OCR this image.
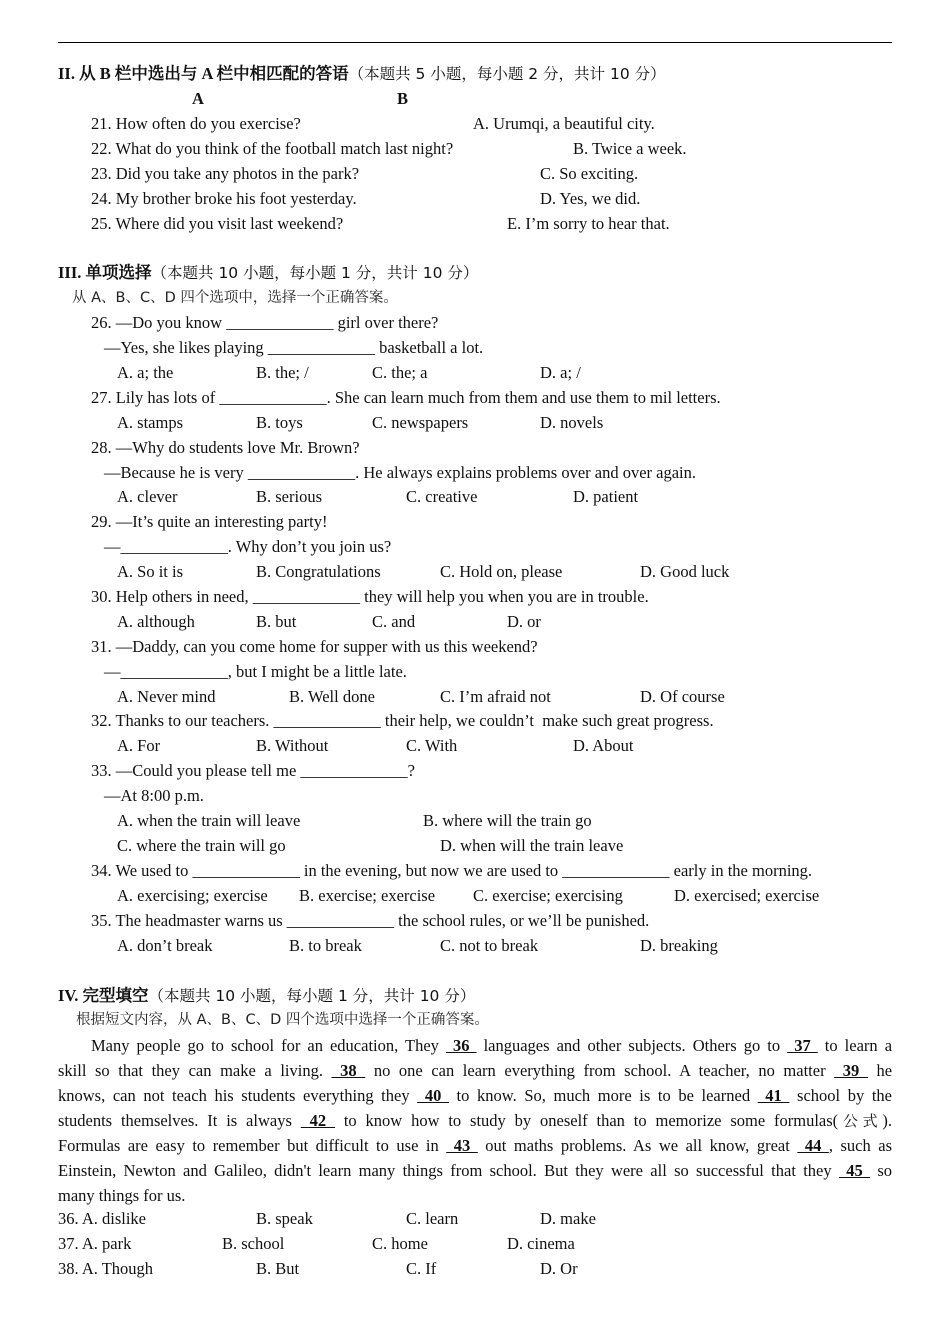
II. 从 B 栏中选出与 A 栏中相匹配的答语（本题共 5 小题，每小题 2 分，共计 10 分）
A	B
21. How often do you exercise?	A. Urumqi, a beautiful city.
22. What do you think of the football match last night?	B. Twice a week.
23. Did you take any photos in the park?	C. So exciting.
24. My brother broke his foot yesterday.	D. Yes, we did.
25. Where did you visit last weekend?	E. I’m sorry to hear that.
III. 单项选择（本题共 10 小题，每小题 1 分，共计 10 分）
从 A、B、C、D 四个选项中，选择一个正确答案。
26. —Do you know _____________ girl over there?
—Yes, she likes playing _____________ basketball a lot.
A. a; the	B. the; /	C. the; a	D. a; /
27. Lily has lots of _____________. She can learn much from them and use them to mil letters.
A. stamps	B. toys	C. newspapers	D. novels
28. —Why do students love Mr. Brown?
—Because he is very _____________. He always explains problems over and over again.
A. clever	B. serious	C. creative	D. patient
29. —It’s quite an interesting party!
—_____________. Why don’t you join us?
A. So it is	B. Congratulations	C. Hold on, please	D. Good luck
30. Help others in need, _____________ they will help you when you are in trouble.
A. although	B. but	C. and	D. or
31. —Daddy, can you come home for supper with us this weekend?
—_____________, but I might be a little late.
A. Never mind	B. Well done	C. I’m afraid not	D. Of course
32. Thanks to our teachers. _____________ their help, we couldn’t  make such great progress.
A. For	B. Without	C. With	D. About
33. —Could you please tell me _____________?
—At 8:00 p.m.
A. when the train will leave	B. where will the train go
C. where the train will go	D. when will the train leave
34. We used to _____________ in the evening, but now we are used to _____________ early in the morning.
A. exercising; exercise B. exercise; exercise C. exercise; exercising	D. exercised; exercise
35. The headmaster warns us _____________ the school rules, or we’ll be punished.
A. don’t break	B. to break	C. not to break	D. breaking
IV. 完型填空（本题共 10 小题，每小题 1 分，共计 10 分）
根据短文内容，从 A、B、C、D 四个选项中选择一个正确答案。
Many people go to school for an education, They  36  languages and other subjects. Others go to  37  to learn a
skill so that they can make a living.  38  no one can learn everything from school. A teacher, no matter  39  he
knows, can not teach his students everything they  40  to know. So, much more is to be learned  41  school by the
students themselves. It is always  42  to know how to study by oneself than to memorize some formulas(公式).
Formulas are easy to remember but difficult to use in  43  out maths problems. As we all know, great  44 , such as
Einstein, Newton and Galileo, didn't learn many things from school. But they were all so successful that they  45  so
many things for us.
36. A. dislike	B. speak	C. learn	D. make
37. A. park	B. school	C. home	D. cinema
38. A. Though	B. But	C. If	D. Or
